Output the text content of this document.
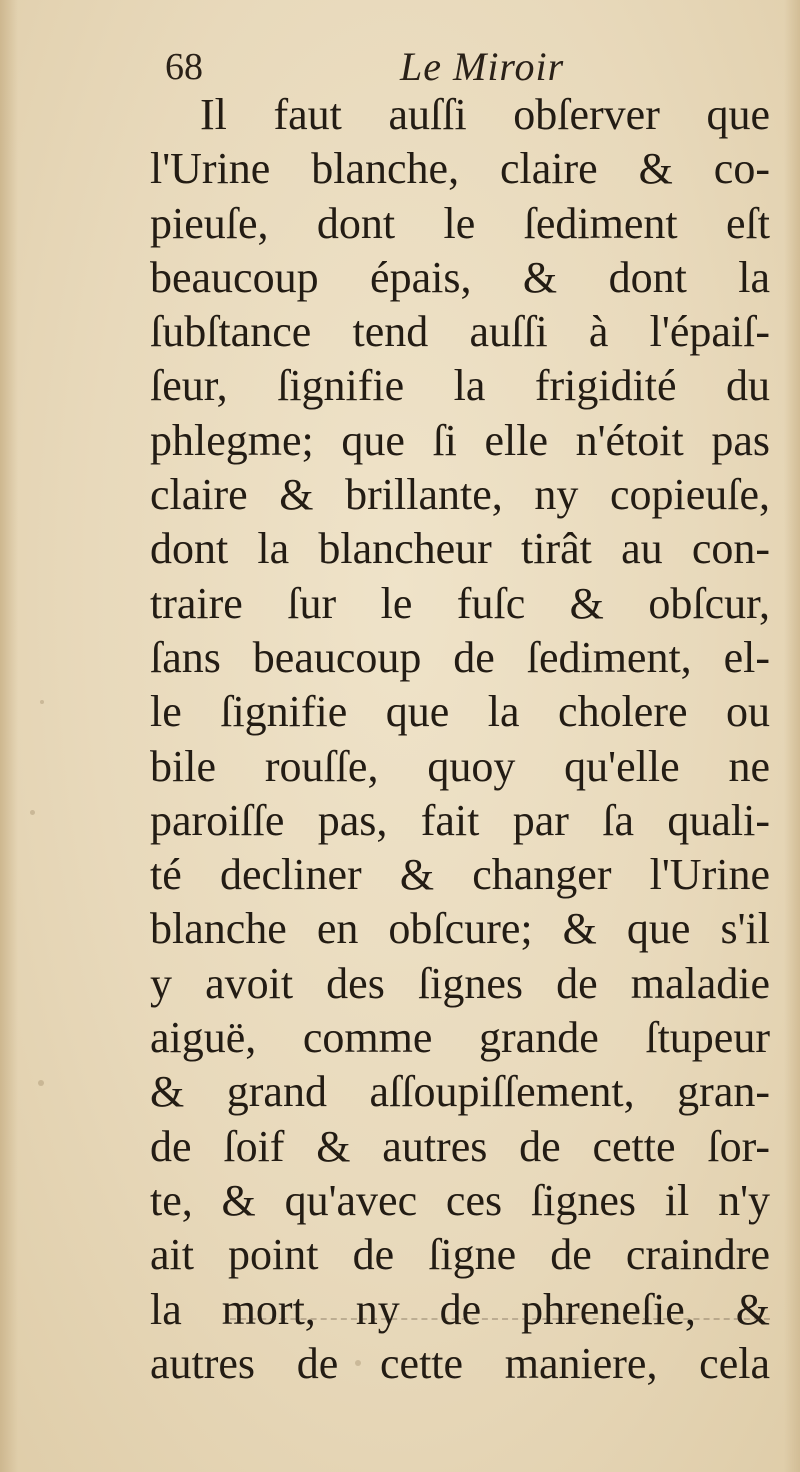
68	Le Miroir
Il faut auſſi obſerver que
l'Urine blanche, claire & co-
pieuſe, dont le ſediment eſt
beaucoup épais, & dont la
ſubſtance tend auſſi à l'épaiſ-
ſeur, ſignifie la frigidité du
phlegme; que ſi elle n'étoit pas
claire & brillante, ny copieuſe,
dont la blancheur tirât au con-
traire ſur le fuſc & obſcur,
ſans beaucoup de ſediment, el-
le ſignifie que la cholere ou
bile rouſſe, quoy qu'elle ne
paroiſſe pas, fait par ſa quali-
té decliner & changer l'Urine
blanche en obſcure; & que s'il
y avoit des ſignes de maladie
aiguë, comme grande ſtupeur
& grand aſſoupiſſement, gran-
de ſoif & autres de cette ſor-
te, & qu'avec ces ſignes il n'y
ait point de ſigne de craindre
la mort, ny de phreneſie, &
autres de cette maniere, cela
